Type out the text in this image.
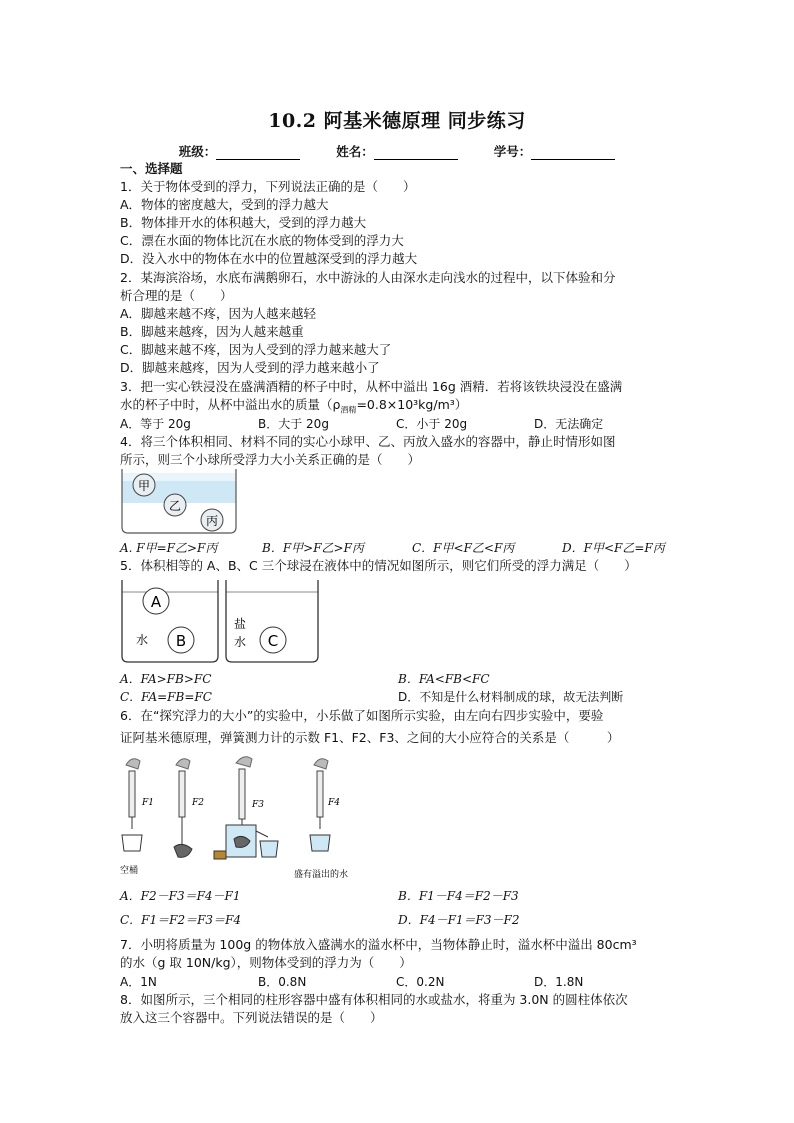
10.2 阿基米德原理 同步练习
班级：	姓名：	学号：
一、选择题
1．关于物体受到的浮力，下列说法正确的是（　　）
A．物体的密度越大，受到的浮力越大
B．物体排开水的体积越大，受到的浮力越大
C．漂在水面的物体比沉在水底的物体受到的浮力大
D．没入水中的物体在水中的位置越深受到的浮力越大
2．某海滨浴场，水底布满鹅卵石，水中游泳的人由深水走向浅水的过程中，以下体验和分
析合理的是（　　）
A．脚越来越不疼，因为人越来越轻
B．脚越来越疼，因为人越来越重
C．脚越来越不疼，因为人受到的浮力越来越大了
D．脚越来越疼，因为人受到的浮力越来越小了
3．把一实心铁浸没在盛满酒精的杯子中时，从杯中溢出 16g 酒精．若将该铁块浸没在盛满
水的杯子中时，从杯中溢出水的质量$(\rho_{酒精}=0.8\times 10^3kg/m^3)$
A．等于 20g	B．大于 20g	C．小于 20g	D．无法确定
4．将三个体积相同、材料不同的实心小球甲、乙、丙放入盛水的容器中，静止时情形如图
所示，则三个小球所受浮力大小关系正确的是（　　）
甲
乙
丙
A. F甲=F乙>F丙	B．F甲>F乙>F丙	C．F甲<F乙<F丙	D．F甲<F乙=F丙
5．体积相等的 A、B、C 三个球浸在液体中的情况如图所示，则它们所受的浮力满足（　　）
A
水 B
盐
水 C
A．FA>FB>FC	B．FA<FB<FC
C．FA=FB=FC	D．不知是什么材料制成的球，故无法判断
6．在“探究浮力的大小”的实验中，小乐做了如图所示实验，由左向右四步实验中，要验
证阿基米德原理，弹簧测力计的示数 F1、F2、F3、之间的大小应符合的关系是（　　　）
F1	F2	F3	F4
空桶	盛有溢出的水
A．F2－F3＝F4－F1	B．F1－F4＝F2－F3
C．F1＝F2＝F3＝F4	D．F4－F1＝F3－F2
7．小明将质量为 100g 的物体放入盛满水的溢水杯中，当物体静止时，溢水杯中溢出 80cm³
的水（g 取 10N/kg），则物体受到的浮力为（　　）
A．1N	B．0.8N	C．0.2N	D．1.8N
8．如图所示，三个相同的柱形容器中盛有体积相同的水或盐水，将重为 3.0N 的圆柱体依次
放入这三个容器中。下列说法错误的是（　　）
